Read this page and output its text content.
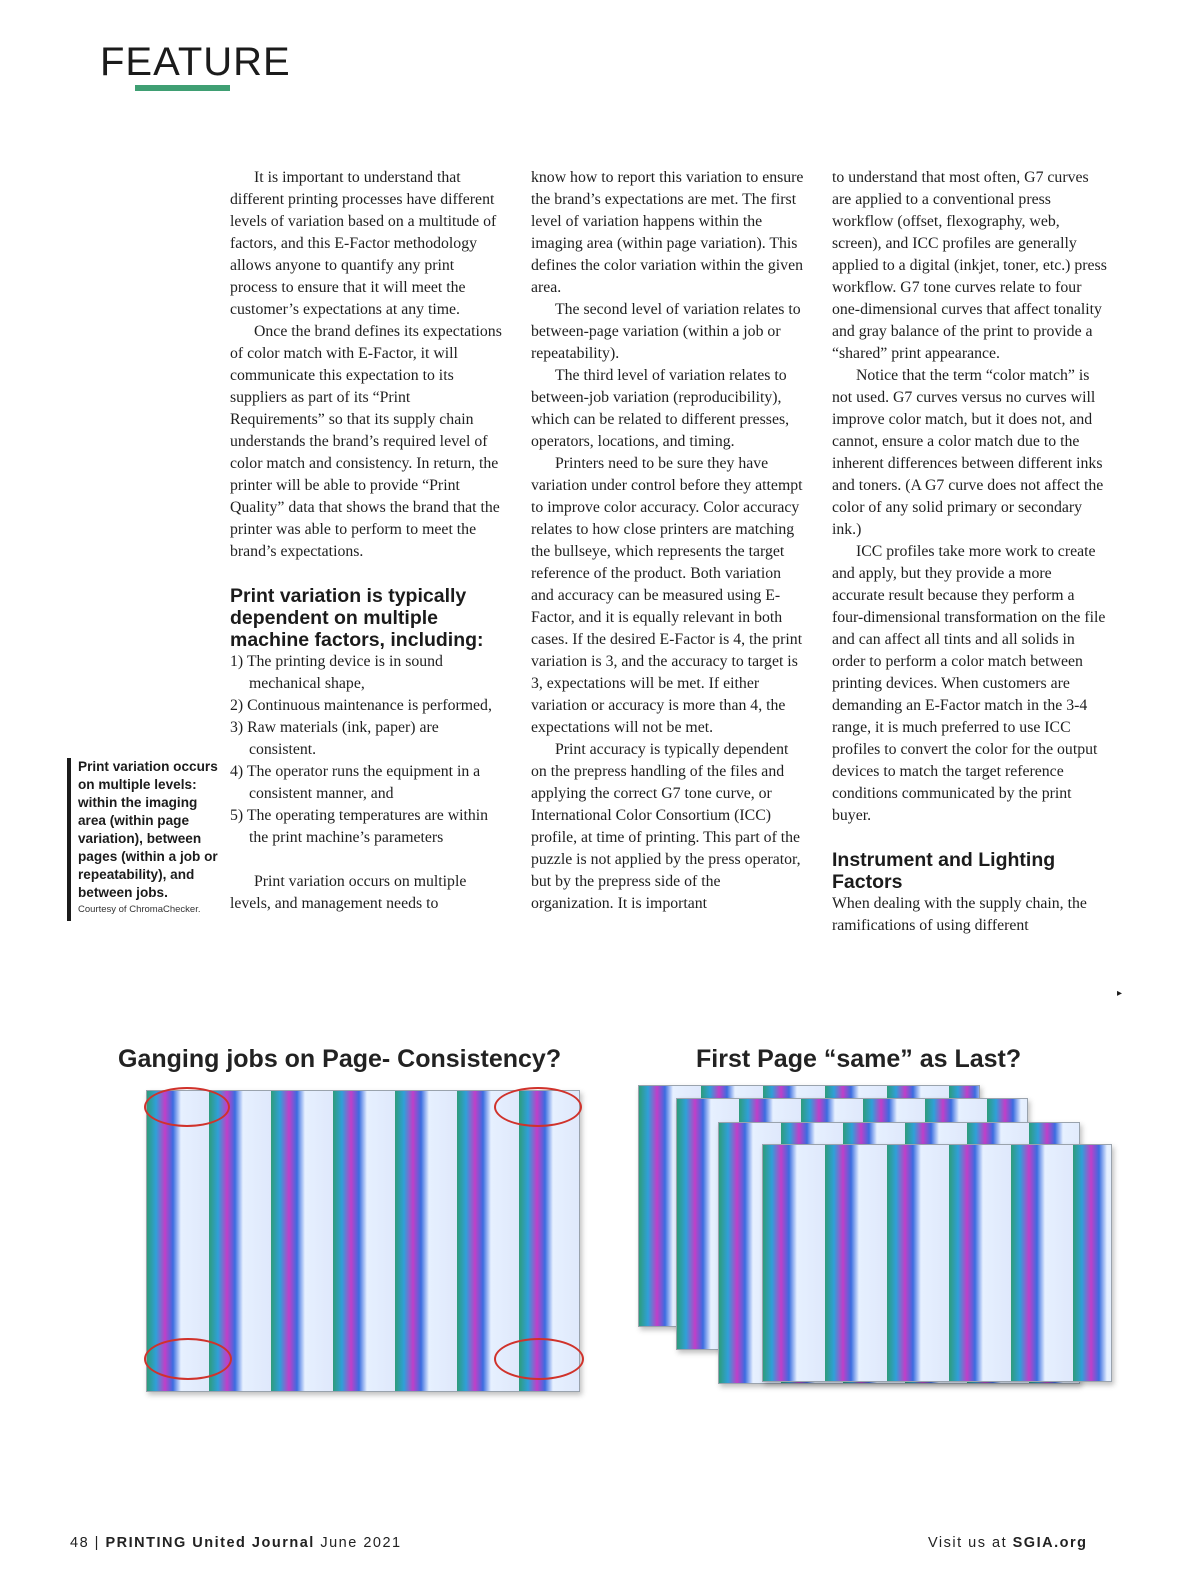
FEATURE

It is important to understand that different printing processes have different levels of variation based on a multitude of factors, and this E-Factor methodology allows anyone to quantify any print process to ensure that it will meet the customer’s expectations at any time.

Once the brand defines its expectations of color match with E-Factor, it will communicate this expectation to its suppliers as part of its “Print Requirements” so that its supply chain understands the brand’s required level of color match and consistency. In return, the printer will be able to provide “Print Quality” data that shows the brand that the printer was able to perform to meet the brand’s expectations.

Print variation is typically dependent on multiple machine factors, including:
1) The printing device is in sound mechanical shape,
2) Continuous maintenance is performed,
3) Raw materials (ink, paper) are consistent.
4) The operator runs the equipment in a consistent manner, and
5) The operating temperatures are within the print machine’s parameters

Print variation occurs on multiple levels, and management needs to

know how to report this variation to ensure the brand’s expectations are met. The first level of variation happens within the imaging area (within page variation). This defines the color variation within the given area.

The second level of variation relates to between-page variation (within a job or repeatability).

The third level of variation relates to between-job variation (reproducibility), which can be related to different presses, operators, locations, and timing.

Printers need to be sure they have variation under control before they attempt to improve color accuracy. Color accuracy relates to how close printers are matching the bullseye, which represents the target reference of the product. Both variation and accuracy can be measured using E-Factor, and it is equally relevant in both cases. If the desired E-Factor is 4, the print variation is 3, and the accuracy to target is 3, expectations will be met. If either variation or accuracy is more than 4, the expectations will not be met.

Print accuracy is typically dependent on the prepress handling of the files and applying the correct G7 tone curve, or International Color Consortium (ICC) profile, at time of printing. This part of the puzzle is not applied by the press operator, but by the prepress side of the organization. It is important

to understand that most often, G7 curves are applied to a conventional press workflow (offset, flexography, web, screen), and ICC profiles are generally applied to a digital (inkjet, toner, etc.) press workflow. G7 tone curves relate to four one-dimensional curves that affect tonality and gray balance of the print to provide a “shared” print appearance.

Notice that the term “color match” is not used. G7 curves versus no curves will improve color match, but it does not, and cannot, ensure a color match due to the inherent differences between different inks and toners. (A G7 curve does not affect the color of any solid primary or secondary ink.)

ICC profiles take more work to create and apply, but they provide a more accurate result because they perform a four-dimensional transformation on the file and can affect all tints and all solids in order to perform a color match between printing devices. When customers are demanding an E-Factor match in the 3-4 range, it is much preferred to use ICC profiles to convert the color for the output devices to match the target reference conditions communicated by the print buyer.

Instrument and Lighting Factors

When dealing with the supply chain, the ramifications of using different

Print variation occurs on multiple levels: within the imaging area (within page variation), between pages (within a job or repeatability), and between jobs.

Courtesy of ChromaChecker.

▸
Ganging jobs on Page- Consistency?	First Page “same” as Last?
48 | PRINTING United Journal June 2021	Visit us at SGIA.org
